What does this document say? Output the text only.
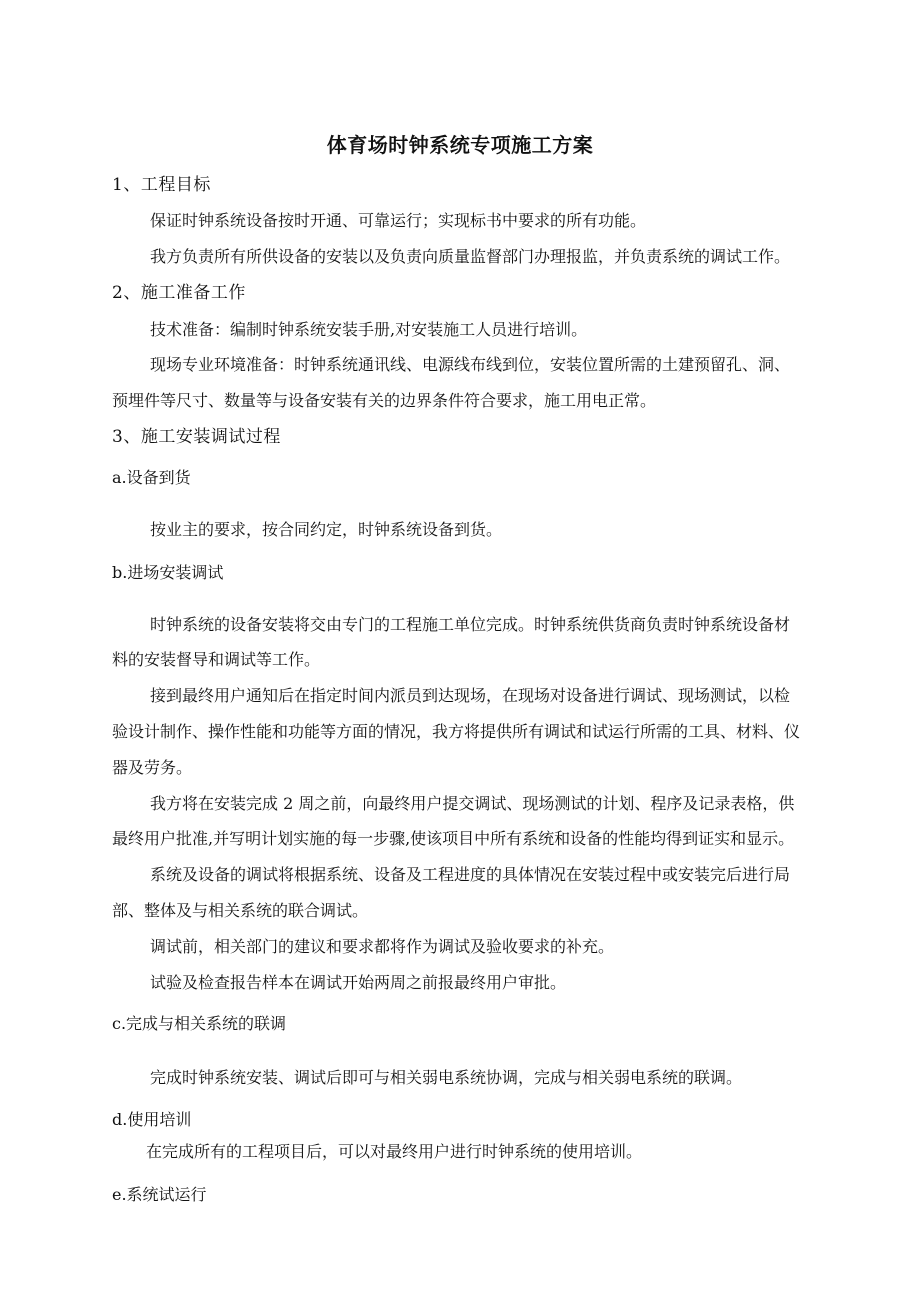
体育场时钟系统专项施工方案
1、工程目标
保证时钟系统设备按时开通、可靠运行；实现标书中要求的所有功能。
我方负责所有所供设备的安装以及负责向质量监督部门办理报监，并负责系统的调试工作。
2、施工准备工作
技术准备：编制时钟系统安装手册,对安装施工人员进行培训。
现场专业环境准备：时钟系统通讯线、电源线布线到位，安装位置所需的土建预留孔、洞、
预埋件等尺寸、数量等与设备安装有关的边界条件符合要求，施工用电正常。
3、施工安装调试过程
a.设备到货
按业主的要求，按合同约定，时钟系统设备到货。
b.进场安装调试
时钟系统的设备安装将交由专门的工程施工单位完成。时钟系统供货商负责时钟系统设备材
料的安装督导和调试等工作。
接到最终用户通知后在指定时间内派员到达现场，在现场对设备进行调试、现场测试，以检
验设计制作、操作性能和功能等方面的情况，我方将提供所有调试和试运行所需的工具、材料、仪
器及劳务。
我方将在安装完成 2 周之前，向最终用户提交调试、现场测试的计划、程序及记录表格，供
最终用户批准,并写明计划实施的每一步骤,使该项目中所有系统和设备的性能均得到证实和显示。
系统及设备的调试将根据系统、设备及工程进度的具体情况在安装过程中或安装完后进行局
部、整体及与相关系统的联合调试。
调试前，相关部门的建议和要求都将作为调试及验收要求的补充。
试验及检查报告样本在调试开始两周之前报最终用户审批。
c.完成与相关系统的联调
完成时钟系统安装、调试后即可与相关弱电系统协调，完成与相关弱电系统的联调。
d.使用培训
在完成所有的工程项目后，可以对最终用户进行时钟系统的使用培训。
e.系统试运行
